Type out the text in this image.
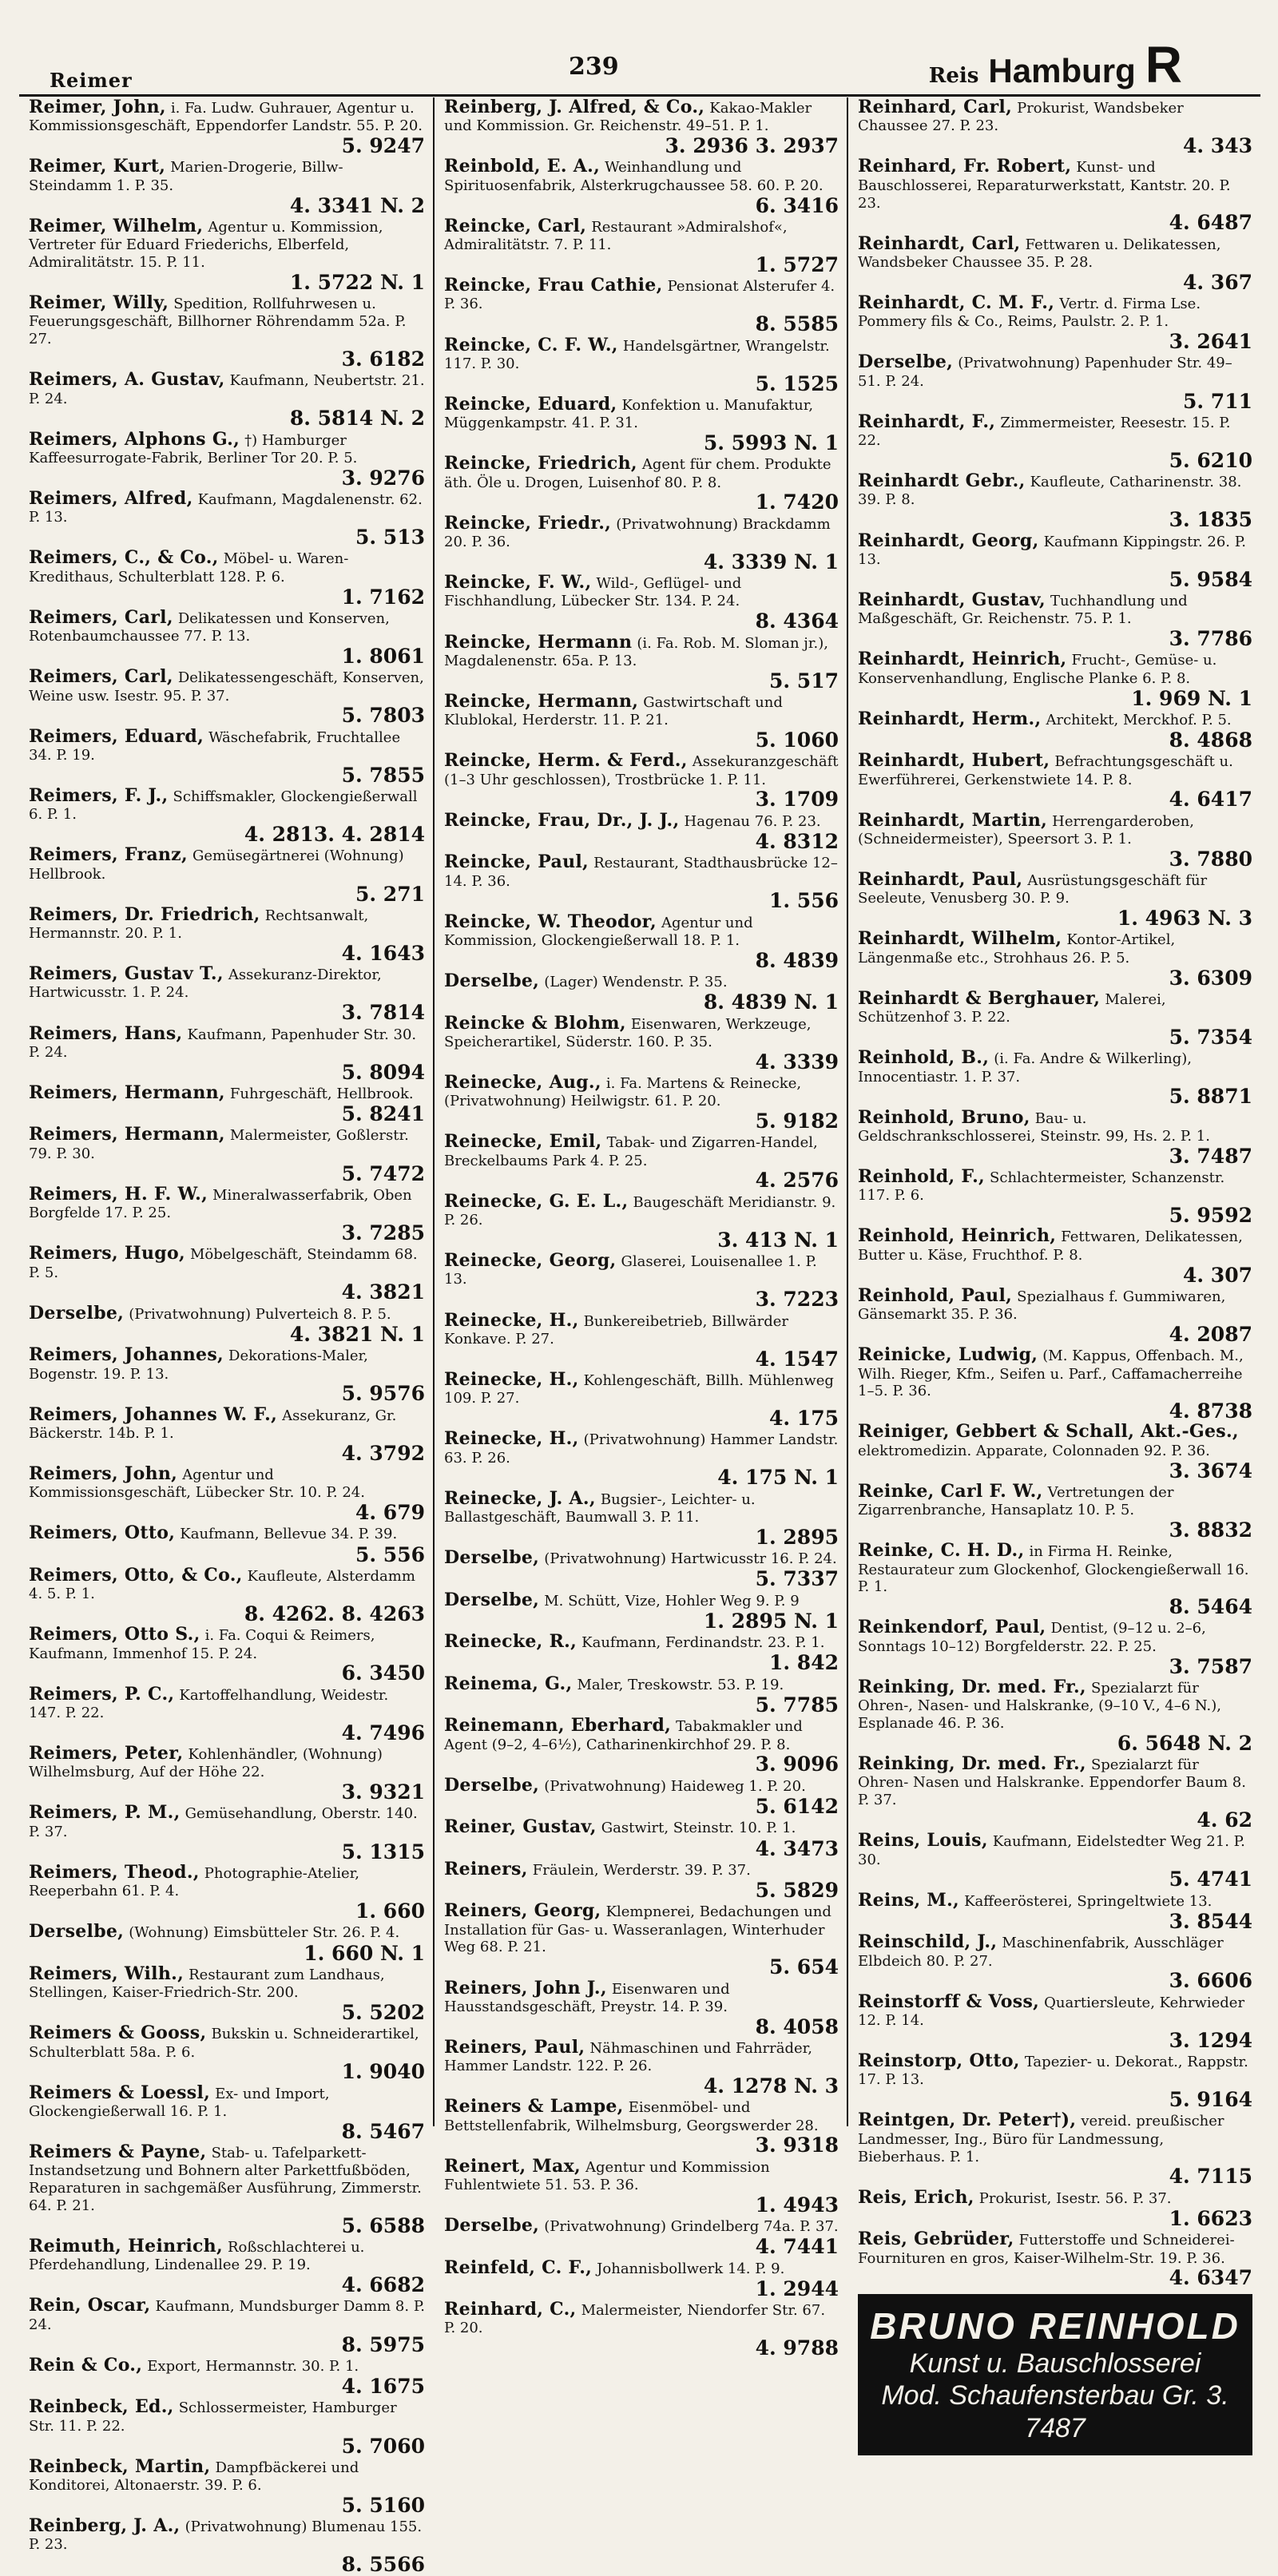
Reimer	239	Reis Hamburg R
Reimer, John, i. Fa. Ludw. Guhrauer, Agentur u. Kommissionsgeschäft, Eppendorfer Landstr. 55. P. 20.
5. 9247
Reimer, Kurt, Marien-Drogerie, Billw-Steindamm 1. P. 35.
4. 3341 N. 2
Reimer, Wilhelm, Agentur u. Kommission, Vertreter für Eduard Friederichs, Elberfeld, Admiralitätstr. 15. P. 11.
1. 5722 N. 1
Reimer, Willy, Spedition, Rollfuhrwesen u. Feuerungsgeschäft, Billhorner Röhrendamm 52a. P. 27.
3. 6182
Reimers, A. Gustav, Kaufmann, Neubertstr. 21. P. 24.
8. 5814 N. 2
Reimers, Alphons G., †) Hamburger Kaffeesurrogate-Fabrik, Berliner Tor 20. P. 5.
3. 9276
Reimers, Alfred, Kaufmann, Magdalenenstr. 62. P. 13.
5. 513
Reimers, C., & Co., Möbel- u. Waren-Kredithaus, Schulterblatt 128. P. 6.
1. 7162
Reimers, Carl, Delikatessen und Konserven, Rotenbaumchaussee 77. P. 13.
1. 8061
Reimers, Carl, Delikatessengeschäft, Konserven, Weine usw. Isestr. 95. P. 37.
5. 7803
Reimers, Eduard, Wäschefabrik, Fruchtallee 34. P. 19.
5. 7855
Reimers, F. J., Schiffsmakler, Glockengießerwall 6. P. 1.
4. 2813. 4. 2814
Reimers, Franz, Gemüsegärtnerei (Wohnung) Hellbrook.
5. 271
Reimers, Dr. Friedrich, Rechtsanwalt, Hermannstr. 20. P. 1.
4. 1643
Reimers, Gustav T., Assekuranz-Direktor, Hartwicusstr. 1. P. 24.
3. 7814
Reimers, Hans, Kaufmann, Papenhuder Str. 30. P. 24.
5. 8094
Reimers, Hermann, Fuhrgeschäft, Hellbrook.
5. 8241
Reimers, Hermann, Malermeister, Goßlerstr. 79. P. 30.
5. 7472
Reimers, H. F. W., Mineralwasserfabrik, Oben Borgfelde 17. P. 25.
3. 7285
Reimers, Hugo, Möbelgeschäft, Steindamm 68. P. 5.
4. 3821
Derselbe, (Privatwohnung) Pulverteich 8. P. 5.
4. 3821 N. 1
Reimers, Johannes, Dekorations-Maler, Bogenstr. 19. P. 13.
5. 9576
Reimers, Johannes W. F., Assekuranz, Gr. Bäckerstr. 14b. P. 1.
4. 3792
Reimers, John, Agentur und Kommissionsgeschäft, Lübecker Str. 10. P. 24.
4. 679
Reimers, Otto, Kaufmann, Bellevue 34. P. 39.
5. 556
Reimers, Otto, & Co., Kaufleute, Alsterdamm 4. 5. P. 1.
8. 4262. 8. 4263
Reimers, Otto S., i. Fa. Coqui & Reimers, Kaufmann, Immenhof 15. P. 24.
6. 3450
Reimers, P. C., Kartoffelhandlung, Weidestr. 147. P. 22.
4. 7496
Reimers, Peter, Kohlenhändler, (Wohnung) Wilhelmsburg, Auf der Höhe 22.
3. 9321
Reimers, P. M., Gemüsehandlung, Oberstr. 140. P. 37.
5. 1315
Reimers, Theod., Photographie-Atelier, Reeperbahn 61. P. 4.
1. 660
Derselbe, (Wohnung) Eimsbütteler Str. 26. P. 4.
1. 660 N. 1
Reimers, Wilh., Restaurant zum Landhaus, Stellingen, Kaiser-Friedrich-Str. 200.
5. 5202
Reimers & Gooss, Bukskin u. Schneiderartikel, Schulterblatt 58a. P. 6.
1. 9040
Reimers & Loessl, Ex- und Import, Glockengießerwall 16. P. 1.
8. 5467
Reimers & Payne, Stab- u. Tafelparkett-Instandsetzung und Bohnern alter Parkettfußböden, Reparaturen in sachgemäßer Ausführung, Zimmerstr. 64. P. 21.
5. 6588
Reimuth, Heinrich, Roßschlachterei u. Pferdehandlung, Lindenallee 29. P. 19.
4. 6682
Rein, Oscar, Kaufmann, Mundsburger Damm 8. P. 24.
8. 5975
Rein & Co., Export, Hermannstr. 30. P. 1.
4. 1675
Reinbeck, Ed., Schlossermeister, Hamburger Str. 11. P. 22.
5. 7060
Reinbeck, Martin, Dampfbäckerei und Konditorei, Altonaerstr. 39. P. 6.
5. 5160
Reinberg, J. A., (Privatwohnung) Blumenau 155. P. 23.
8. 5566
Reinberg, J. Alfred, & Co., Kakao-Makler und Kommission. Gr. Reichenstr. 49–51. P. 1.
3. 2936 3. 2937
Reinbold, E. A., Weinhandlung und Spirituosenfabrik, Alsterkrugchaussee 58. 60. P. 20.
6. 3416
Reincke, Carl, Restaurant »Admiralshof«, Admiralitätstr. 7. P. 11.
1. 5727
Reincke, Frau Cathie, Pensionat Alsterufer 4. P. 36.
8. 5585
Reincke, C. F. W., Handelsgärtner, Wrangelstr. 117. P. 30.
5. 1525
Reincke, Eduard, Konfektion u. Manufaktur, Müggenkampstr. 41. P. 31.
5. 5993 N. 1
Reincke, Friedrich, Agent für chem. Produkte äth. Öle u. Drogen, Luisenhof 80. P. 8.
1. 7420
Reincke, Friedr., (Privatwohnung) Brackdamm 20. P. 36.
4. 3339 N. 1
Reincke, F. W., Wild-, Geflügel- und Fischhandlung, Lübecker Str. 134. P. 24.
8. 4364
Reincke, Hermann (i. Fa. Rob. M. Sloman jr.), Magdalenenstr. 65a. P. 13.
5. 517
Reincke, Hermann, Gastwirtschaft und Klublokal, Herderstr. 11. P. 21.
5. 1060
Reincke, Herm. & Ferd., Assekuranzgeschäft (1–3 Uhr geschlossen), Trostbrücke 1. P. 11.
3. 1709
Reincke, Frau, Dr., J. J., Hagenau 76. P. 23.
4. 8312
Reincke, Paul, Restaurant, Stadthausbrücke 12–14. P. 36.
1. 556
Reincke, W. Theodor, Agentur und Kommission, Glockengießerwall 18. P. 1.
8. 4839
Derselbe, (Lager) Wendenstr. P. 35.
8. 4839 N. 1
Reincke & Blohm, Eisenwaren, Werkzeuge, Speicherartikel, Süderstr. 160. P. 35.
4. 3339
Reinecke, Aug., i. Fa. Martens & Reinecke, (Privatwohnung) Heilwigstr. 61. P. 20.
5. 9182
Reinecke, Emil, Tabak- und Zigarren-Handel, Breckelbaums Park 4. P. 25.
4. 2576
Reinecke, G. E. L., Baugeschäft Meridianstr. 9. P. 26.
3. 413 N. 1
Reinecke, Georg, Glaserei, Louisenallee 1. P. 13.
3. 7223
Reinecke, H., Bunkereibetrieb, Billwärder Konkave. P. 27.
4. 1547
Reinecke, H., Kohlengeschäft, Billh. Mühlenweg 109. P. 27.
4. 175
Reinecke, H., (Privatwohnung) Hammer Landstr. 63. P. 26.
4. 175 N. 1
Reinecke, J. A., Bugsier-, Leichter- u. Ballastgeschäft, Baumwall 3. P. 11.
1. 2895
Derselbe, (Privatwohnung) Hartwicusstr 16. P. 24.
5. 7337
Derselbe, M. Schütt, Vize, Hohler Weg 9. P. 9
1. 2895 N. 1
Reinecke, R., Kaufmann, Ferdinandstr. 23. P. 1.
1. 842
Reinema, G., Maler, Treskowstr. 53. P. 19.
5. 7785
Reinemann, Eberhard, Tabakmakler und Agent (9–2, 4–6½), Catharinenkirchhof 29. P. 8.
3. 9096
Derselbe, (Privatwohnung) Haideweg 1. P. 20.
5. 6142
Reiner, Gustav, Gastwirt, Steinstr. 10. P. 1.
4. 3473
Reiners, Fräulein, Werderstr. 39. P. 37.
5. 5829
Reiners, Georg, Klempnerei, Bedachungen und Installation für Gas- u. Wasseranlagen, Winterhuder Weg 68. P. 21.
5. 654
Reiners, John J., Eisenwaren und Hausstandsgeschäft, Preystr. 14. P. 39.
8. 4058
Reiners, Paul, Nähmaschinen und Fahrräder, Hammer Landstr. 122. P. 26.
4. 1278 N. 3
Reiners & Lampe, Eisenmöbel- und Bettstellenfabrik, Wilhelmsburg, Georgswerder 28.
3. 9318
Reinert, Max, Agentur und Kommission Fuhlentwiete 51. 53. P. 36.
1. 4943
Derselbe, (Privatwohnung) Grindelberg 74a. P. 37.
4. 7441
Reinfeld, C. F., Johannisbollwerk 14. P. 9.
1. 2944
Reinhard, C., Malermeister, Niendorfer Str. 67. P. 20.
4. 9788
Reinhard, Carl, Prokurist, Wandsbeker Chaussee 27. P. 23.
4. 343
Reinhard, Fr. Robert, Kunst- und Bauschlosserei, Reparaturwerkstatt, Kantstr. 20. P. 23.
4. 6487
Reinhardt, Carl, Fettwaren u. Delikatessen, Wandsbeker Chaussee 35. P. 28.
4. 367
Reinhardt, C. M. F., Vertr. d. Firma Lse. Pommery fils & Co., Reims, Paulstr. 2. P. 1.
3. 2641
Derselbe, (Privatwohnung) Papenhuder Str. 49–51. P. 24.
5. 711
Reinhardt, F., Zimmermeister, Reesestr. 15. P. 22.
5. 6210
Reinhardt Gebr., Kaufleute, Catharinenstr. 38. 39. P. 8.
3. 1835
Reinhardt, Georg, Kaufmann Kippingstr. 26. P. 13.
5. 9584
Reinhardt, Gustav, Tuchhandlung und Maßgeschäft, Gr. Reichenstr. 75. P. 1.
3. 7786
Reinhardt, Heinrich, Frucht-, Gemüse- u. Konservenhandlung, Englische Planke 6. P. 8.
1. 969 N. 1
Reinhardt, Herm., Architekt, Merckhof. P. 5.
8. 4868
Reinhardt, Hubert, Befrachtungsgeschäft u. Ewerführerei, Gerkenstwiete 14. P. 8.
4. 6417
Reinhardt, Martin, Herrengarderoben, (Schneidermeister), Speersort 3. P. 1.
3. 7880
Reinhardt, Paul, Ausrüstungsgeschäft für Seeleute, Venusberg 30. P. 9.
1. 4963 N. 3
Reinhardt, Wilhelm, Kontor-Artikel, Längenmaße etc., Strohhaus 26. P. 5.
3. 6309
Reinhardt & Berghauer, Malerei, Schützenhof 3. P. 22.
5. 7354
Reinhold, B., (i. Fa. Andre & Wilkerling), Innocentiastr. 1. P. 37.
5. 8871
Reinhold, Bruno, Bau- u. Geldschrankschlosserei, Steinstr. 99, Hs. 2. P. 1.
3. 7487
Reinhold, F., Schlachtermeister, Schanzenstr. 117. P. 6.
5. 9592
Reinhold, Heinrich, Fettwaren, Delikatessen, Butter u. Käse, Fruchthof. P. 8.
4. 307
Reinhold, Paul, Spezialhaus f. Gummiwaren, Gänsemarkt 35. P. 36.
4. 2087
Reinicke, Ludwig, (M. Kappus, Offenbach. M., Wilh. Rieger, Kfm., Seifen u. Parf., Caffamacherreihe 1–5. P. 36.
4. 8738
Reiniger, Gebbert & Schall, Akt.-Ges., elektromedizin. Apparate, Colonnaden 92. P. 36.
3. 3674
Reinke, Carl F. W., Vertretungen der Zigarrenbranche, Hansaplatz 10. P. 5.
3. 8832
Reinke, C. H. D., in Firma H. Reinke, Restaurateur zum Glockenhof, Glockengießerwall 16. P. 1.
8. 5464
Reinkendorf, Paul, Dentist, (9–12 u. 2–6, Sonntags 10–12) Borgfelderstr. 22. P. 25.
3. 7587
Reinking, Dr. med. Fr., Spezialarzt für Ohren-, Nasen- und Halskranke, (9–10 V., 4–6 N.), Esplanade 46. P. 36.
6. 5648 N. 2
Reinking, Dr. med. Fr., Spezialarzt für Ohren- Nasen und Halskranke. Eppendorfer Baum 8. P. 37.
4. 62
Reins, Louis, Kaufmann, Eidelstedter Weg 21. P. 30.
5. 4741
Reins, M., Kaffeerösterei, Springeltwiete 13.
3. 8544
Reinschild, J., Maschinenfabrik, Ausschläger Elbdeich 80. P. 27.
3. 6606
Reinstorff & Voss, Quartiersleute, Kehrwieder 12. P. 14.
3. 1294
Reinstorp, Otto, Tapezier- u. Dekorat., Rappstr. 17. P. 13.
5. 9164
Reintgen, Dr. Peter†), vereid. preußischer Landmesser, Ing., Büro für Landmessung, Bieberhaus. P. 1.
4. 7115
Reis, Erich, Prokurist, Isestr. 56. P. 37.
1. 6623
Reis, Gebrüder, Futterstoffe und Schneiderei-Fournituren en gros, Kaiser-Wilhelm-Str. 19. P. 36.
4. 6347
BRUNO REINHOLD
Kunst u. Bauschlosserei
Mod. Schaufensterbau Gr. 3. 7487
